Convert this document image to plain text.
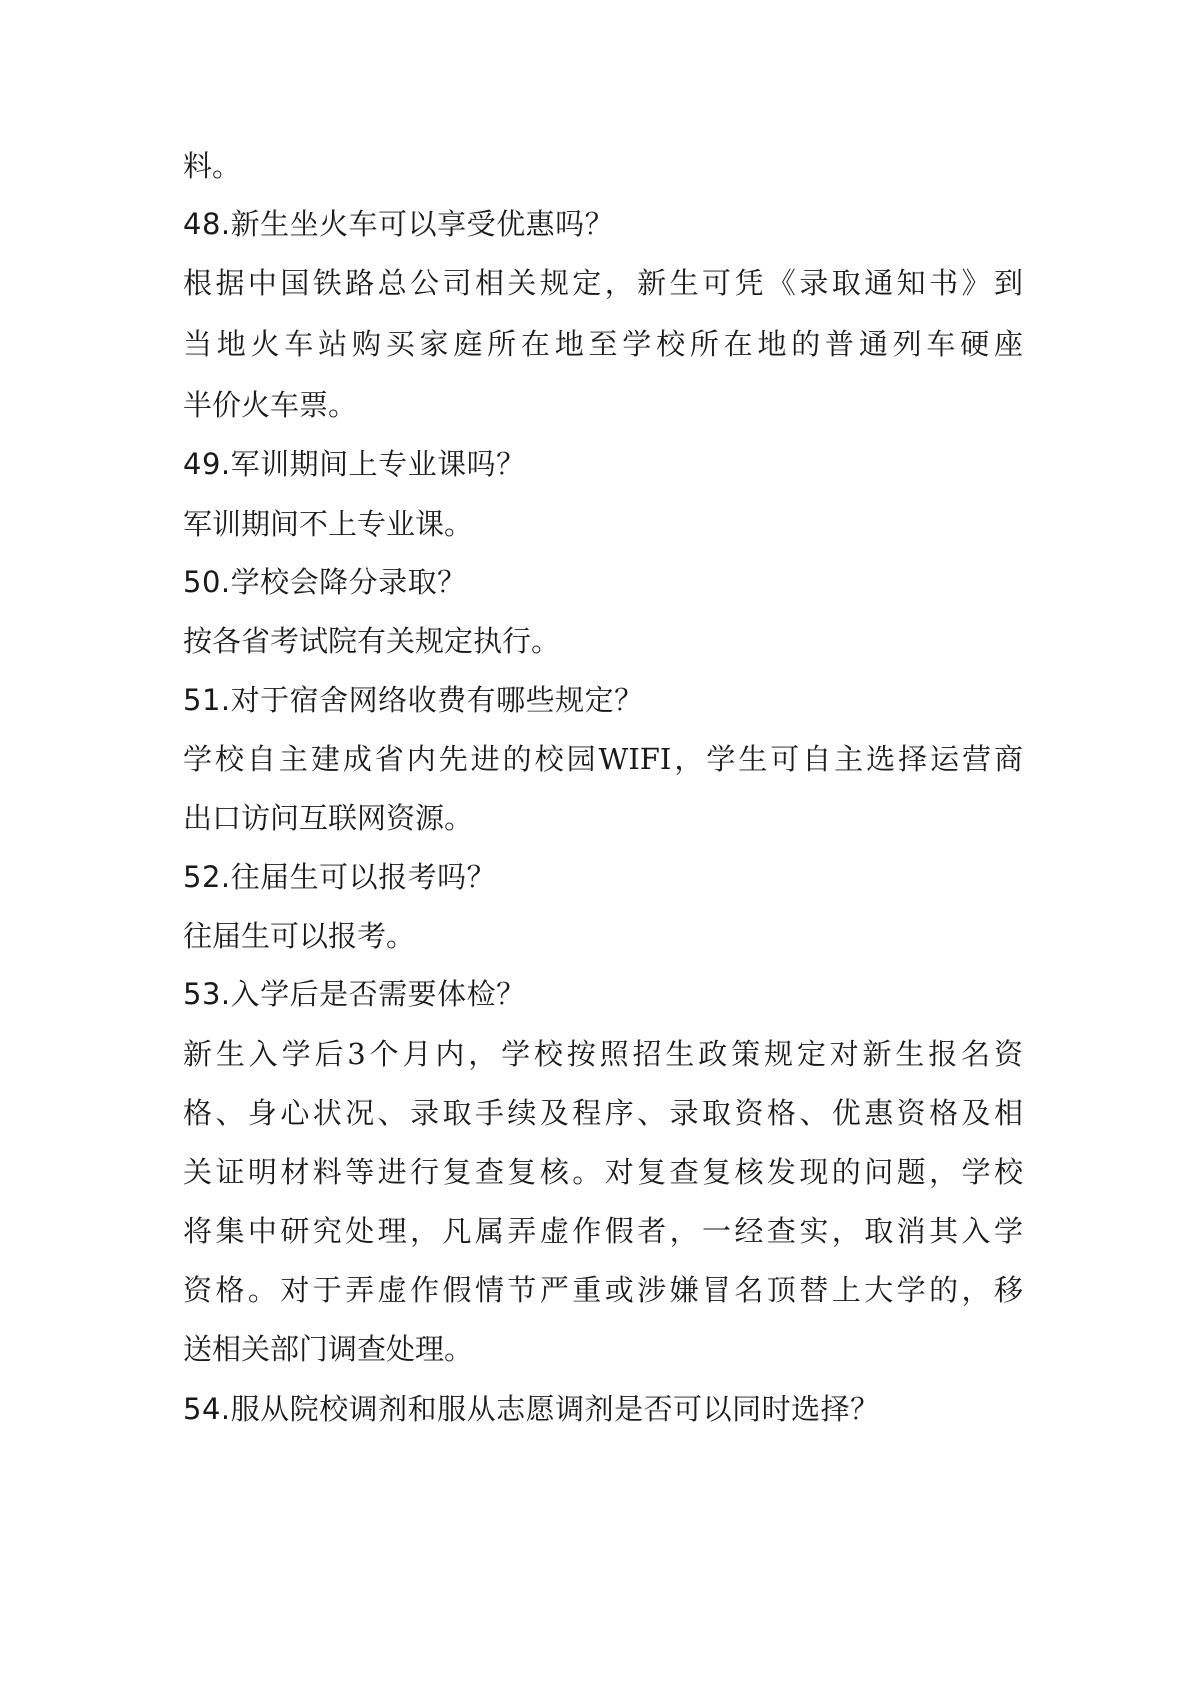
料。
48.新生坐火车可以享受优惠吗？
根据中国铁路总公司相关规定，新生可凭《录取通知书》到
当地火车站购买家庭所在地至学校所在地的普通列车硬座
半价火车票。
49.军训期间上专业课吗？
军训期间不上专业课。
50.学校会降分录取？
按各省考试院有关规定执行。
51.对于宿舍网络收费有哪些规定？
学校自主建成省内先进的校园WIFI，学生可自主选择运营商
出口访问互联网资源。
52.往届生可以报考吗？
往届生可以报考。
53.入学后是否需要体检？
新生入学后3个月内，学校按照招生政策规定对新生报名资
格、身心状况、录取手续及程序、录取资格、优惠资格及相
关证明材料等进行复查复核。对复查复核发现的问题，学校
将集中研究处理，凡属弄虚作假者，一经查实，取消其入学
资格。对于弄虚作假情节严重或涉嫌冒名顶替上大学的，移
送相关部门调查处理。
54.服从院校调剂和服从志愿调剂是否可以同时选择？
